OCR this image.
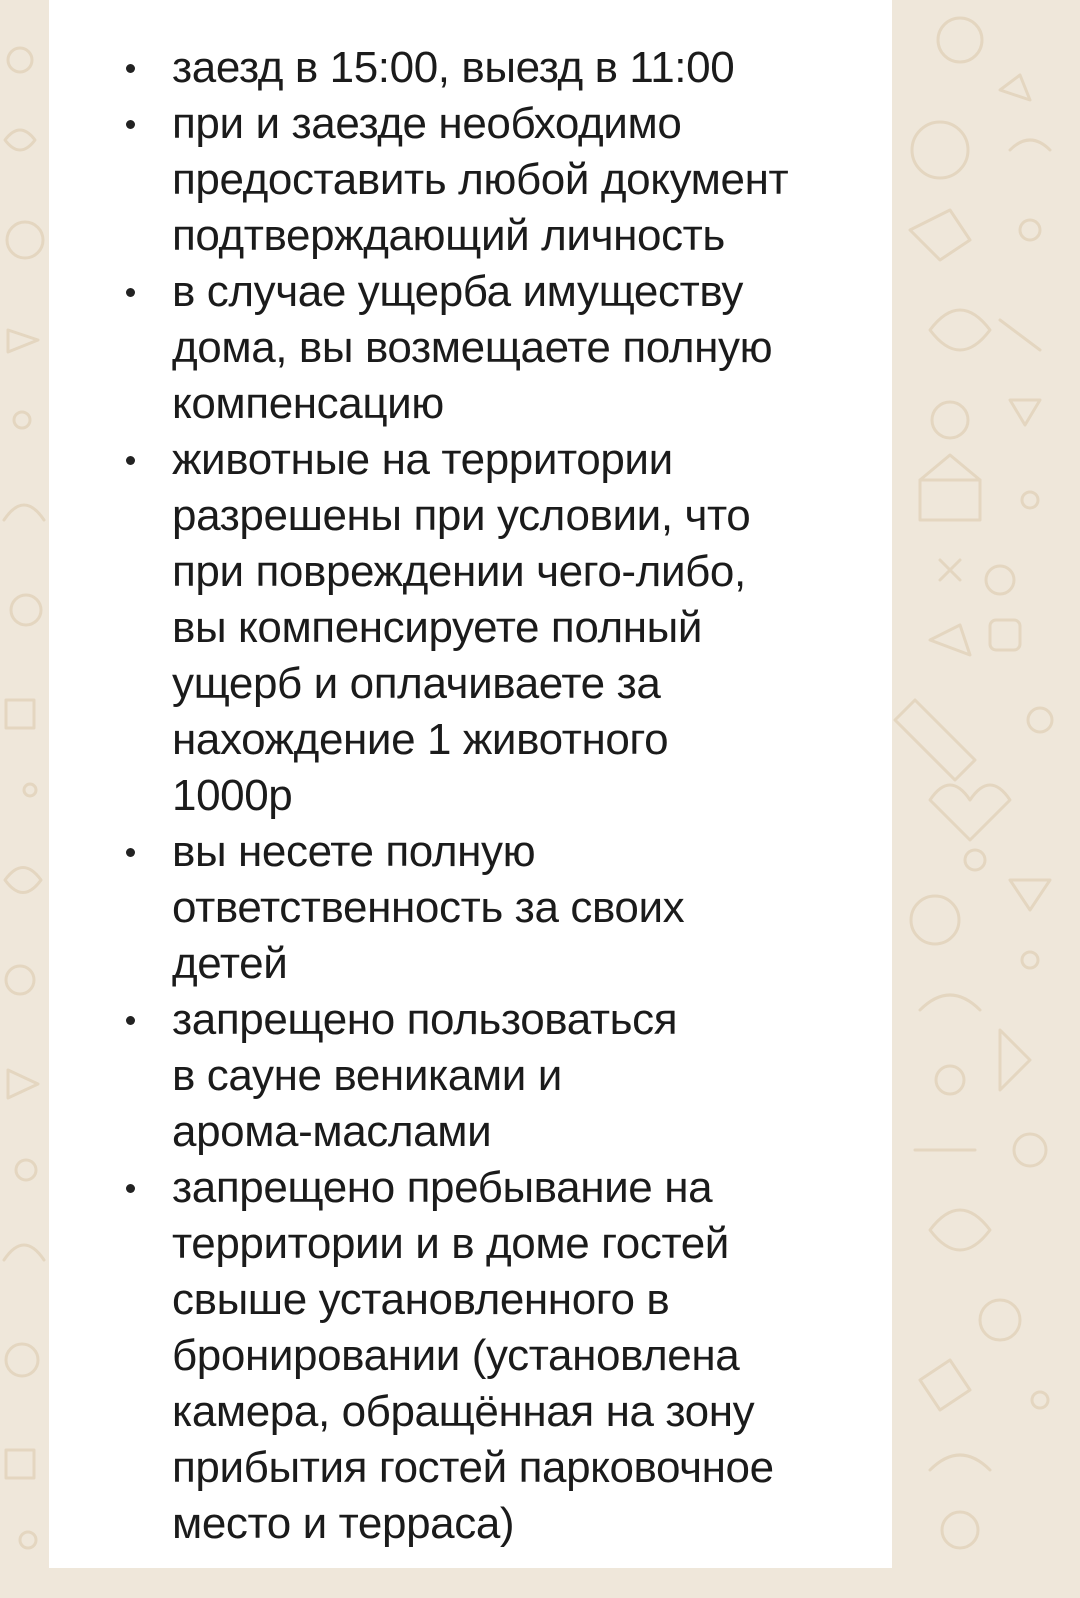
заезд в 15:00, выезд в 11:00
при и заезде необходимо
предоставить любой документ
подтверждающий личность
в случае ущерба имуществу
дома, вы возмещаете полную
компенсацию
животные на территории
разрешены при условии, что
при повреждении чего-либо,
вы компенсируете полный
ущерб и оплачиваете за
нахождение 1 животного
1000р
вы несете полную
ответственность за своих
детей
запрещено пользоваться
в сауне вениками и
арома-маслами
запрещено пребывание на
территории и в доме гостей
свыше установленного в
бронировании (установлена
камера, обращённая на зону
прибытия гостей парковочное
место и терраса)
